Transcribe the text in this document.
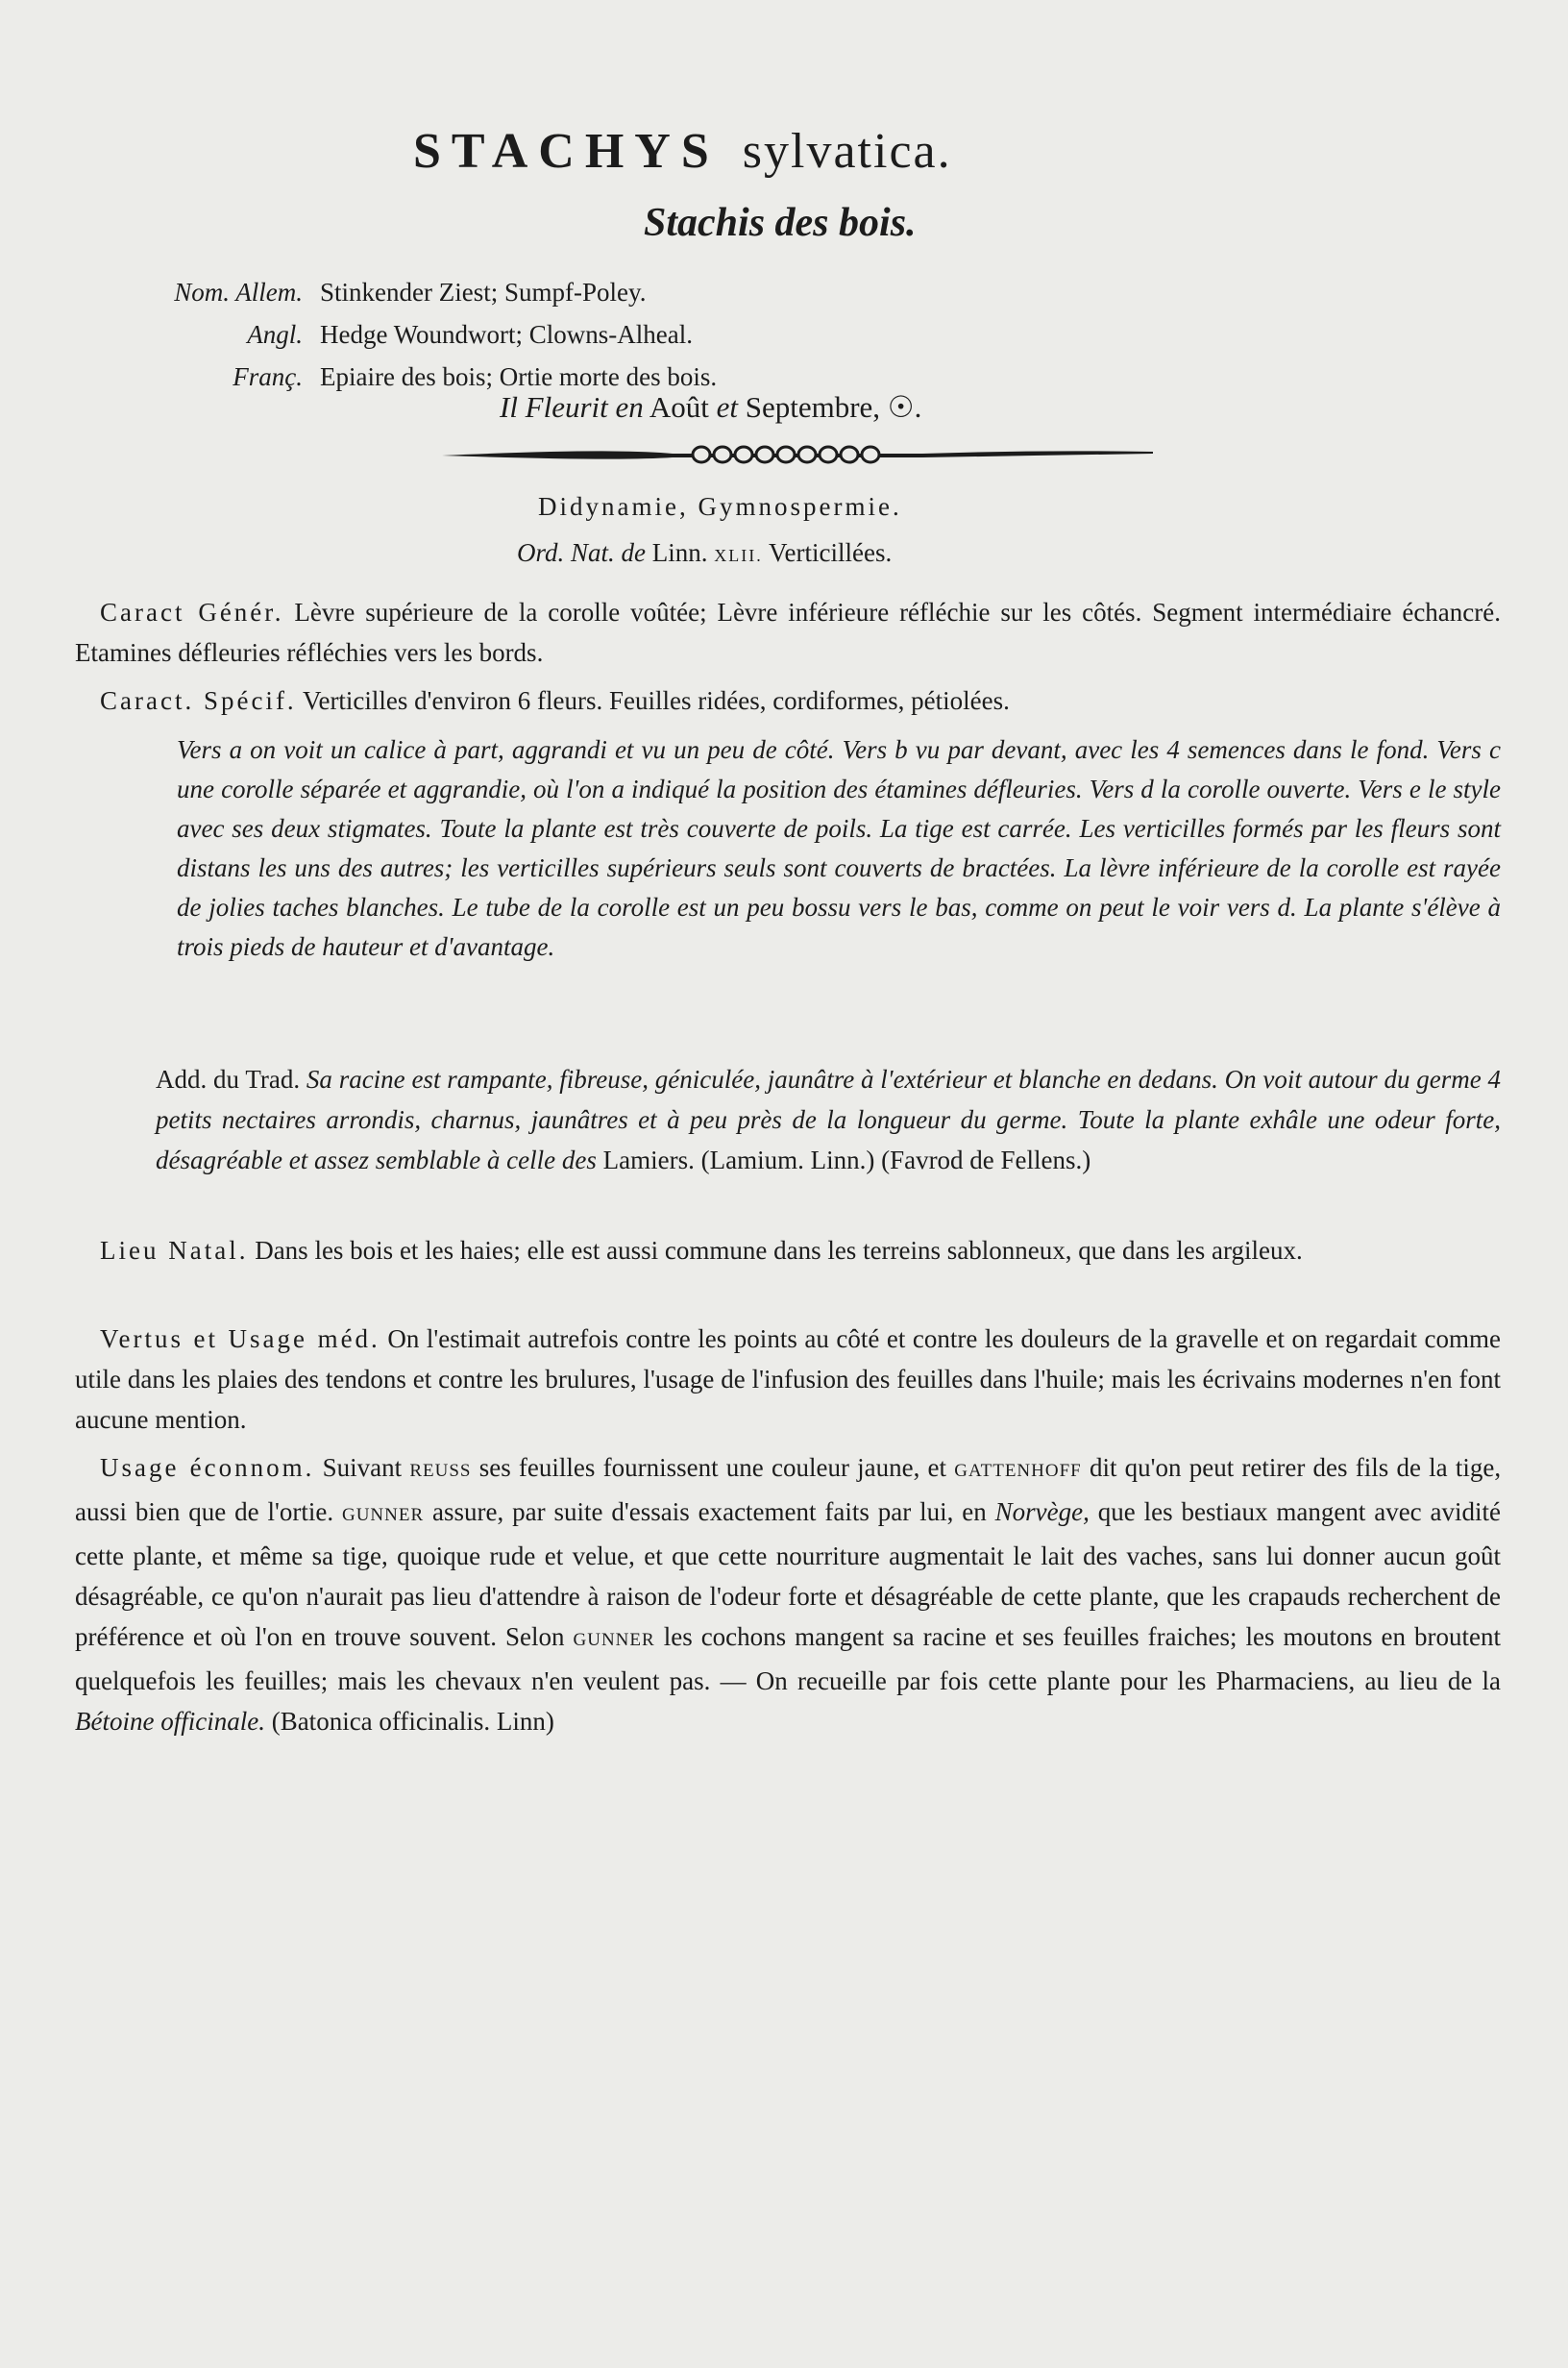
STACHYS sylvatica.
Stachis des bois.
Nom. Allem. Stinkender Ziest; Sumpf-Poley.
Angl. Hedge Woundwort; Clowns-Alheal.
Franç. Epiaire des bois; Ortie morte des bois.
Il Fleurit en Août et Septembre, ☉.
Didynamie, Gymnospermie.
Ord. Nat. de Linn. XLII. Verticillées.
Caract Génér. Lèvre supérieure de la corolle voûtée; Lèvre inférieure réfléchie sur les côtés. Segment intermédiaire échancré. Etamines défleuries réfléchies vers les bords.
Caract. Spécif. Verticilles d'environ 6 fleurs. Feuilles ridées, cordiformes, pétiolées.
Vers a on voit un calice à part, aggrandi et vu un peu de côté. Vers b vu par devant, avec les 4 semences dans le fond. Vers c une corolle séparée et aggrandie, où l'on a indiqué la position des étamines défleuries. Vers d la corolle ouverte. Vers e le style avec ses deux stigmates. Toute la plante est très couverte de poils. La tige est carrée. Les verticilles formés par les fleurs sont distans les uns des autres; les verticilles supérieurs seuls sont couverts de bractées. La lèvre inférieure de la corolle est rayée de jolies taches blanches. Le tube de la corolle est un peu bossu vers le bas, comme on peut le voir vers d. La plante s'élève à trois pieds de hauteur et d'avantage.
Add. du Trad. Sa racine est rampante, fibreuse, géniculée, jaunâtre à l'extérieur et blanche en dedans. On voit autour du germe 4 petits nectaires arrondis, charnus, jaunâtres et à peu près de la longueur du germe. Toute la plante exhâle une odeur forte, désagréable et assez semblable à celle des Lamiers. (Lamium. Linn.) (Favrod de Fellens.)
Lieu Natal. Dans les bois et les haies; elle est aussi commune dans les terreins sablonneux, que dans les argileux.
Vertus et Usage méd. On l'estimait autrefois contre les points au côté et contre les douleurs de la gravelle et on regardait comme utile dans les plaies des tendons et contre les brulures, l'usage de l'infusion des feuilles dans l'huile; mais les écrivains modernes n'en font aucune mention.
Usage éconnom. Suivant REUSS ses feuilles fournissent une couleur jaune, et GATTENHOFF dit qu'on peut retirer des fils de la tige, aussi bien que de l'ortie. GUNNER assure, par suite d'essais exactement faits par lui, en Norvège, que les bestiaux mangent avec avidité cette plante, et même sa tige, quoique rude et velue, et que cette nourriture augmentait le lait des vaches, sans lui donner aucun goût désagréable, ce qu'on n'aurait pas lieu d'attendre à raison de l'odeur forte et désagréable de cette plante, que les crapauds recherchent de préférence et où l'on en trouve souvent. Selon GUNNER les cochons mangent sa racine et ses feuilles fraiches; les moutons en broutent quelquefois les feuilles; mais les chevaux n'en veulent pas. — On recueille par fois cette plante pour les Pharmaciens, au lieu de la Bétoine officinale. (Batonica officinalis. Linn)
